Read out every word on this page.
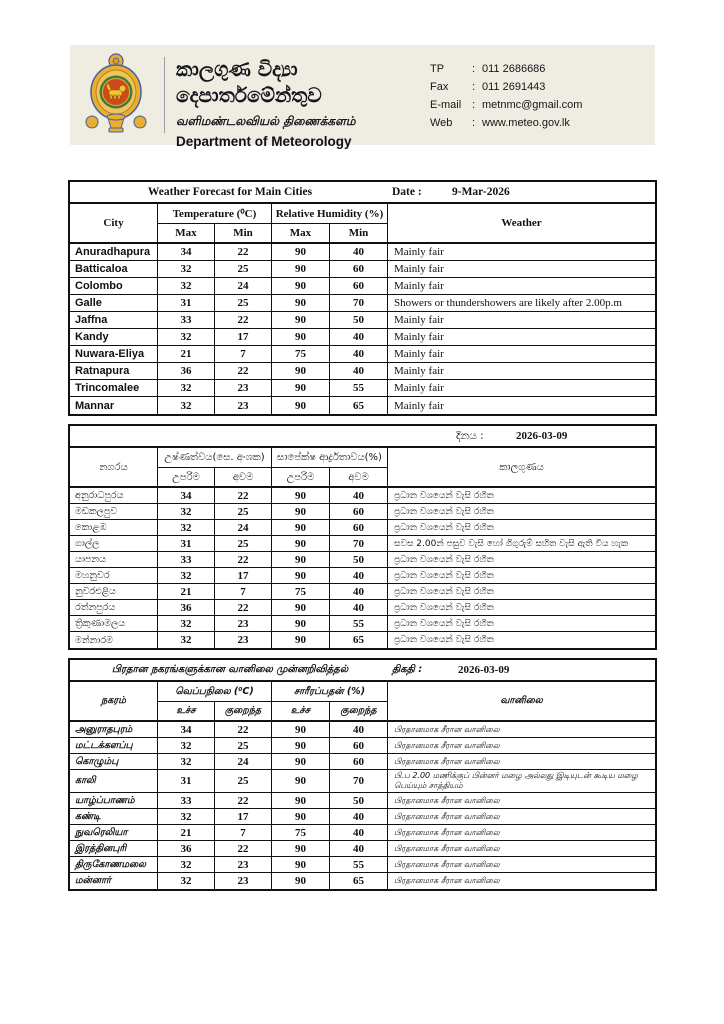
කාලගුණ විද්‍යා දෙපාර්තමේන්තුව
வளிமண்டலவியல் திணைக்களம்
Department of Meteorology
TP	: 011 2686686
Fax	: 011 2691443
E-mail : metnmc@gmail.com
Web	: www.meteo.gov.lk
Weather Forecast for Main Cities	Date :	9-Mar-2026
City
Temperature (⁰C)	Relative Humidity (%)
Weather
Max	Min	Max	Min
Anuradhapura	34	22	90	40	Mainly fair
Batticaloa	32	25	90	60	Mainly fair
Colombo	32	24	90	60	Mainly fair
Galle	31	25	90	70	Showers or thundershowers are likely after 2.00p.m
Jaffna	33	22	90	50	Mainly fair
Kandy	32	17	90	40	Mainly fair
Nuwara-Eliya	21	7	75	40	Mainly fair
Ratnapura	36	22	90	40	Mainly fair
Trincomalee	32	23	90	55	Mainly fair
Mannar	32	23	90	65	Mainly fair
දිනය :	2026-03-09
නගරය
උෂ්ණත්වය(සෙ. අංශක)	සාපේක්ෂ ආර්ද්‍රතාවය(%)
කාලගුණය
උපරිම	අවම	උපරිම	අවම
අනුරාධපුරය	34	22	90	40	ප්‍රධාන වශයෙන් වැසි රහිත
මඩකලපුව	32	25	90	60	ප්‍රධාන වශයෙන් වැසි රහිත
කොළඹ	32	24	90	60	ප්‍රධාන වශයෙන් වැසි රහිත
ගාල්ල	31	25	90	70	සවස 2.00න් පසුව වැසි හෝ ගිගුරුම් සහිත වැසි ඇති විය හැක
යාපනය	33	22	90	50	ප්‍රධාන වශයෙන් වැසි රහිත
මහනුවර	32	17	90	40	ප්‍රධාන වශයෙන් වැසි රහිත
නුවරඑළිය	21	7	75	40	ප්‍රධාන වශයෙන් වැසි රහිත
රත්නපුරය	36	22	90	40	ප්‍රධාන වශයෙන් වැසි රහිත
ත්‍රිකුණාමලය	32	23	90	55	ප්‍රධාන වශයෙන් වැසි රහිත
මන්නාරම	32	23	90	65	ප්‍රධාන වශයෙන් වැසි රහිත
பிரதான நகரங்களுக்கான வானிலை முன்னறிவித்தல்	திகதி :	2026-03-09
நகரம்
வெப்பநிலை (⁰C)	சாரீரப்பதன் (%)
வானிலை
உச்ச	குறைந்த	உச்ச	குறைந்த
அனுராதபுரம்	34	22	90	40	பிரதானமாக சீரான வானிலை
மட்டக்களப்பு	32	25	90	60	பிரதானமாக சீரான வானிலை
கொழும்பு	32	24	90	60	பிரதானமாக சீரான வானிலை
காலி	31	25	90	70	பி.ப 2.00 மணிக்குப் பின்னர் மழை அல்லது இடியுடன் கூடிய மழை பெய்யும் சாத்தியம்
யாழ்ப்பாணம்	33	22	90	50	பிரதானமாக சீரான வானிலை
கண்டி	32	17	90	40	பிரதானமாக சீரான வானிலை
நுவரெலியா	21	7	75	40	பிரதானமாக சீரான வானிலை
இரத்தினபுரி	36	22	90	40	பிரதானமாக சீரான வானிலை
திருகோணமலை	32	23	90	55	பிரதானமாக சீரான வானிலை
மன்னார்	32	23	90	65	பிரதானமாக சீரான வானிலை
